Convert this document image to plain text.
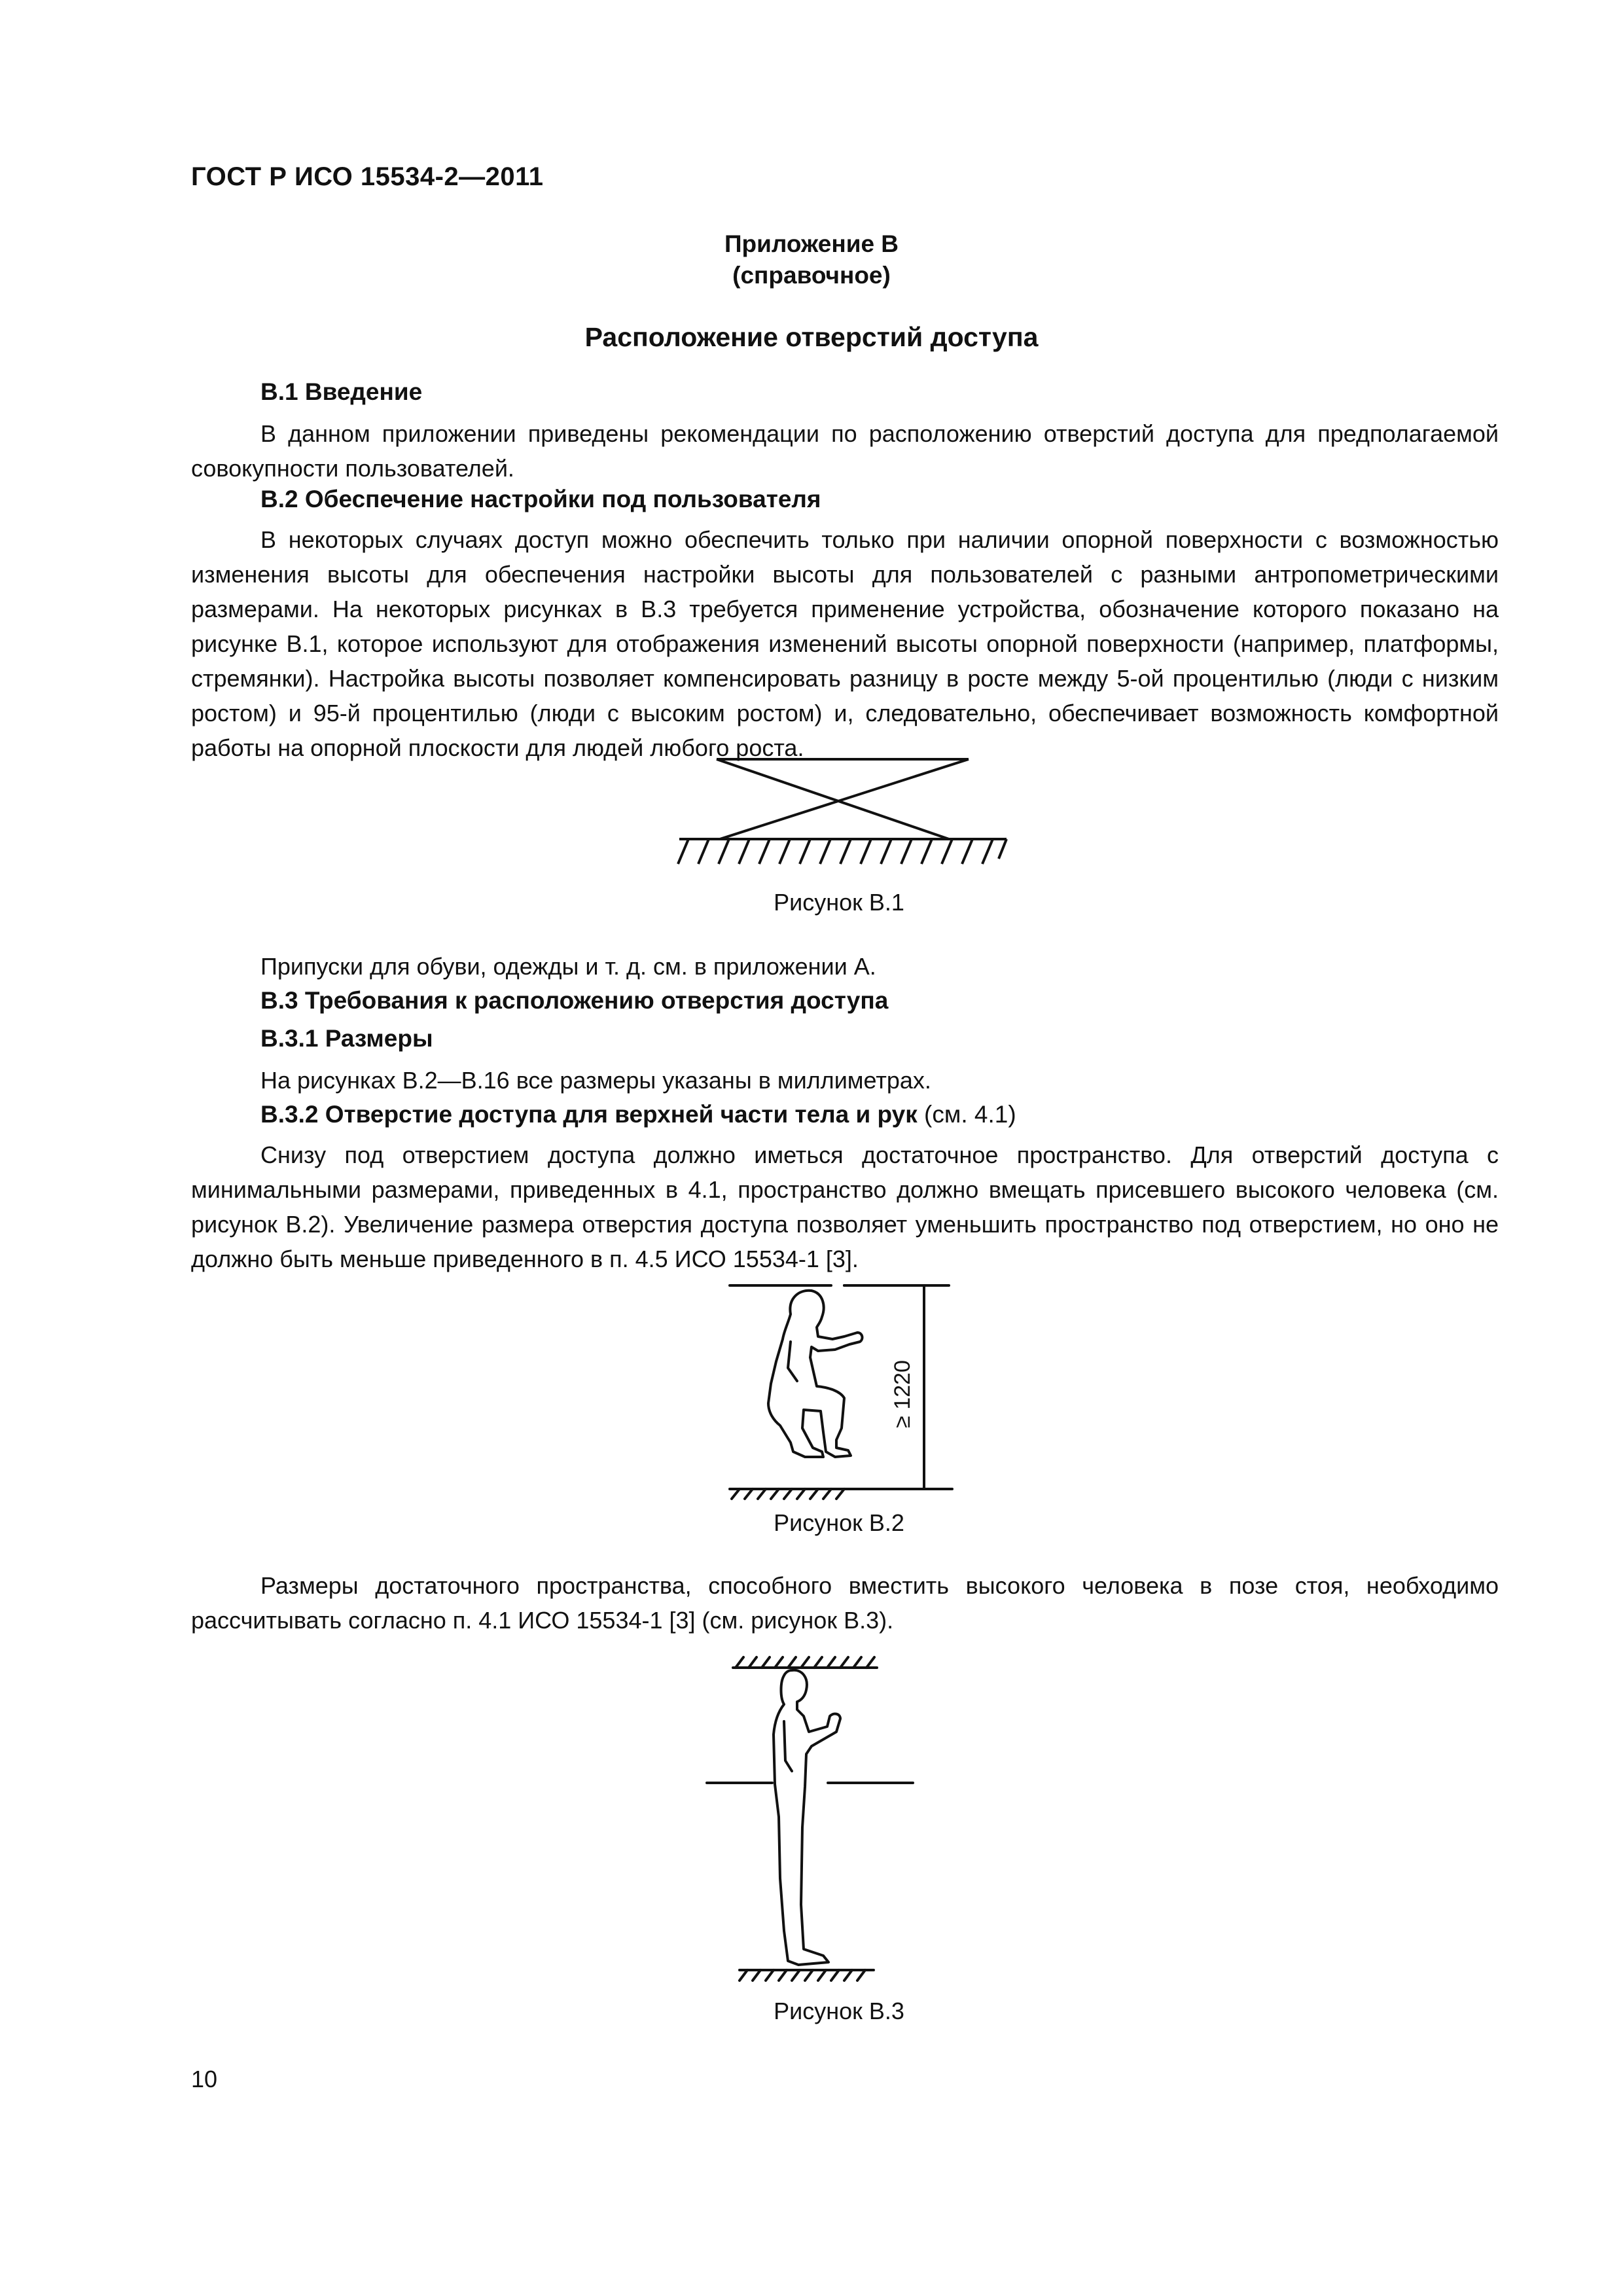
ГОСТ Р ИСО 15534-2—2011
Приложение В
(справочное)
Расположение отверстий доступа
В.1 Введение
В данном приложении приведены рекомендации по расположению отверстий доступа для предполагаемой совокупности пользователей.
В.2 Обеспечение настройки под пользователя
В некоторых случаях доступ можно обеспечить только при наличии опорной поверхности с возможностью изменения высоты для обеспечения настройки высоты для пользователей с разными антропометрическими размерами. На некоторых рисунках в В.3 требуется применение устройства, обозначение которого показано на рисунке В.1, которое используют для отображения изменений высоты опорной поверхности (например, платформы, стремянки). Настройка высоты позволяет компенсировать разницу в росте между 5-ой процентилью (люди с низким ростом) и 95-й процентилью (люди с высоким ростом) и, следовательно, обеспечивает возможность комфортной работы на опорной плоскости для людей любого роста.
Рисунок В.1
Припуски для обуви, одежды и т. д. см. в приложении А.
В.3 Требования к расположению отверстия доступа
В.3.1 Размеры
На рисунках В.2—В.16 все размеры указаны в миллиметрах.
В.3.2 Отверстие доступа для верхней части тела и рук (см. 4.1)
Снизу под отверстием доступа должно иметься достаточное пространство. Для отверстий доступа с минимальными размерами, приведенных в 4.1, пространство должно вмещать присевшего высокого человека (см. рисунок В.2). Увеличение размера отверстия доступа позволяет уменьшить пространство под отверстием, но оно не должно быть меньше приведенного в п. 4.5 ИСО 15534-1 [3].
≥ 1220
Рисунок В.2
Размеры достаточного пространства, способного вместить высокого человека в позе стоя, необходимо рассчитывать согласно п. 4.1 ИСО 15534-1 [3] (см. рисунок В.3).
Рисунок В.3
10
